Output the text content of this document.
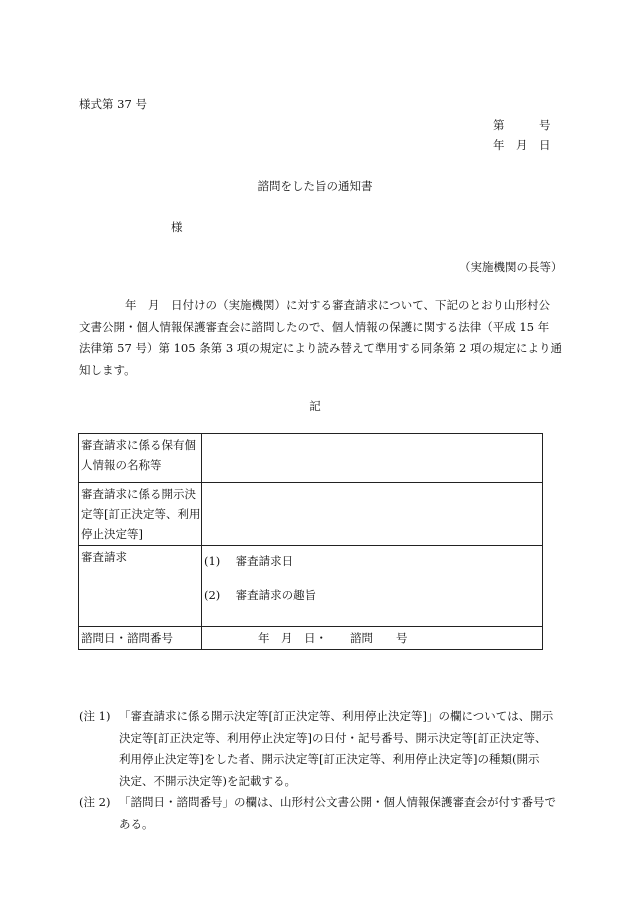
様式第 37 号
第　　　号
年　月　日
諮問をした旨の通知書
様
（実施機関の長等）

　　　　年　月　日付けの（実施機関）に対する審査請求について、下記のとおり山形村公

文書公開・個人情報保護審査会に諮問したので、個人情報の保護に関する法律（平成 15 年

法律第 57 号）第 105 条第 3 項の規定により読み替えて準用する同条第 2 項の規定により通

知します。

記
審査請求に係る保有個
人情報の名称等	

審査請求に係る開示決
定等[訂正決定等、利用
停止決定等]	

審査請求	(1) 審査請求日
(2) 審査請求の趣旨

諮問日・諮問番号	年　月　日・　　諮問　　号
(注 1) 「審査請求に係る開示決定等[訂正決定等、利用停止決定等]」の欄については、開示
決定等[訂正決定等、利用停止決定等]の日付・記号番号、開示決定等[訂正決定等、
利用停止決定等]をした者、開示決定等[訂正決定等、利用停止決定等]の種類(開示
決定、不開示決定等)を記載する。
(注 2) 「諮問日・諮問番号」の欄は、山形村公文書公開・個人情報保護審査会が付す番号で
ある。
